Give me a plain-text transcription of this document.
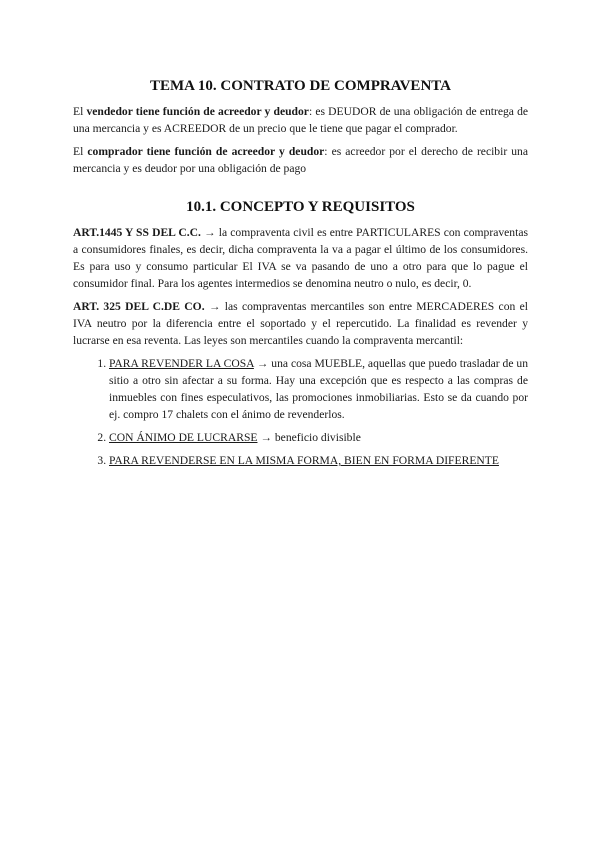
TEMA 10. CONTRATO DE COMPRAVENTA

El vendedor tiene función de acreedor y deudor: es DEUDOR de una obligación de entrega de una mercancia y es ACREEDOR de un precio que le tiene que pagar el comprador.

El comprador tiene función de acreedor y deudor: es acreedor por el derecho de recibir una mercancia y es deudor por una obligación de pago

10.1. CONCEPTO Y REQUISITOS

ART.1445 Y SS DEL C.C. → la compraventa civil es entre PARTICULARES con compraventas a consumidores finales, es decir, dicha compraventa la va a pagar el último de los consumidores. Es para uso y consumo particular El IVA se va pasando de uno a otro para que lo pague el consumidor final. Para los agentes intermedios se denomina neutro o nulo, es decir, 0.

ART. 325 DEL C.DE CO. → las compraventas mercantiles son entre MERCADERES con el IVA neutro por la diferencia entre el soportado y el repercutido. La finalidad es revender y lucrarse en esa reventa. Las leyes son mercantiles cuando la compraventa mercantil:

1. PARA REVENDER LA COSA → una cosa MUEBLE, aquellas que puedo trasladar de un sitio a otro sin afectar a su forma. Hay una excepción que es respecto a las compras de inmuebles con fines especulativos, las promociones inmobiliarias. Esto se da cuando por ej. compro 17 chalets con el ánimo de revenderlos.
2. CON ÁNIMO DE LUCRARSE → beneficio divisible
3. PARA REVENDERSE EN LA MISMA FORMA, BIEN EN FORMA DIFERENTE
